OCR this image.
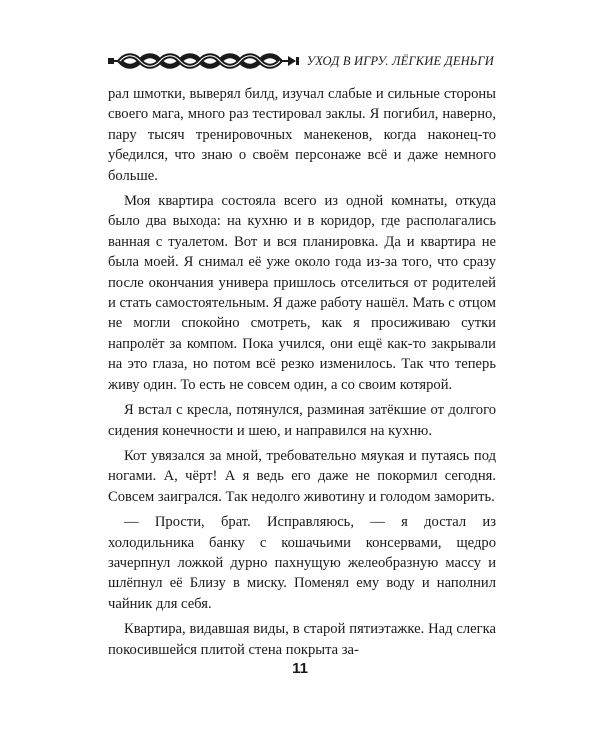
УХОД В ИГРУ. ЛЁГКИЕ ДЕНЬГИ

рал шмотки, выверял билд, изучал слабые и сильные стороны своего мага, много раз тестировал заклы. Я погибил, наверно, пару тысяч тренировочных манекенов, когда наконец-то убедился, что знаю о своём персонаже всё и даже немного больше.

Моя квартира состояла всего из одной комнаты, откуда было два выхода: на кухню и в коридор, где располагались ванная с туалетом. Вот и вся планировка. Да и квартира не была моей. Я снимал её уже около года из-за того, что сразу после окончания универа пришлось отселиться от родителей и стать самостоятельным. Я даже работу нашёл. Мать с отцом не могли спокойно смотреть, как я просиживаю сутки напролёт за компом. Пока учился, они ещё как-то закрывали на это глаза, но потом всё резко изменилось. Так что теперь живу один. То есть не совсем один, а со своим котярой.

Я встал с кресла, потянулся, разминая затёкшие от долгого сидения конечности и шею, и направился на кухню.

Кот увязался за мной, требовательно мяукая и путаясь под ногами. А, чёрт! А я ведь его даже не покормил сегодня. Совсем заигрался. Так недолго животину и голодом заморить.

— Прости, брат. Исправляюсь, — я достал из холодильника банку с кошачьими консервами, щедро зачерпнул ложкой дурно пахнущую желеобразную массу и шлёпнул её Близу в миску. Поменял ему воду и наполнил чайник для себя.

Квартира, видавшая виды, в старой пятиэтажке. Над слегка покосившейся плитой стена покрыта за-

11
